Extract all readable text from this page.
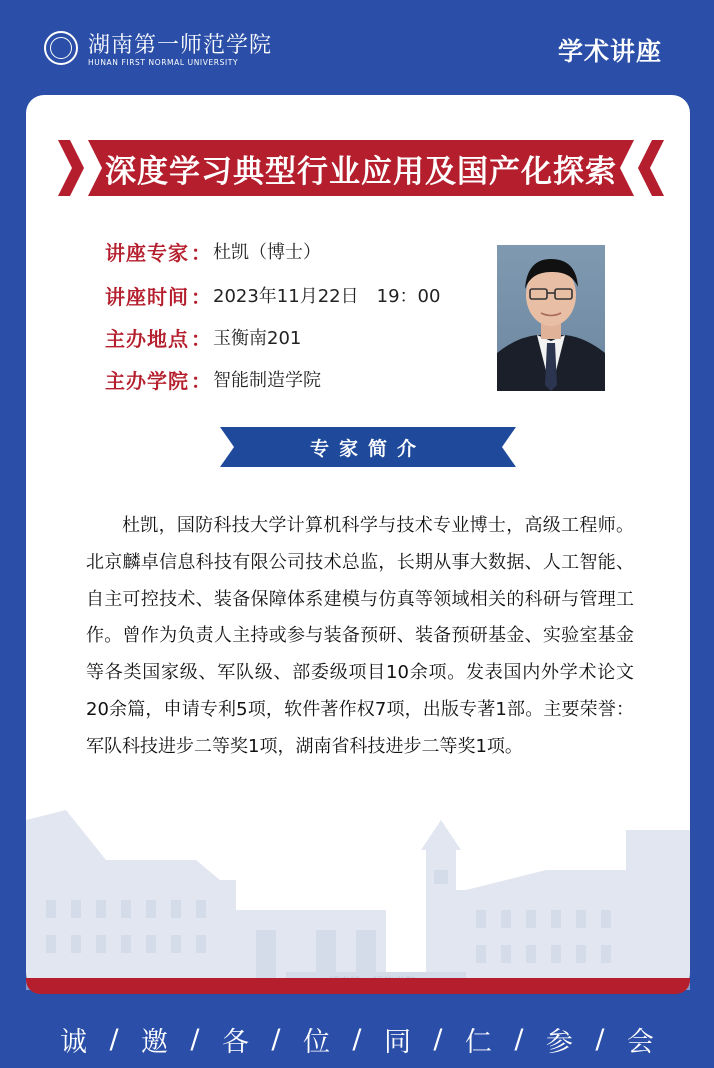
湖南第一师范学院
HUNAN FIRST NORMAL UNIVERSITY	学术讲座
深度学习典型行业应用及国产化探索
讲座专家 ： 杜凯（博士）
讲座时间 ： 2023年11月22日　19：00
主办地点 ： 玉衡南201
主办学院 ： 智能制造学院
专家简介
杜凯，国防科技大学计算机科学与技术专业博士，高级工程师。北京麟卓信息科技有限公司技术总监，长期从事大数据、人工智能、自主可控技术、装备保障体系建模与仿真等领域相关的科研与管理工作。曾作为负责人主持或参与装备预研、装备预研基金、实验室基金等各类国家级、军队级、部委级项目10余项。发表国内外学术论文20余篇，申请专利5项，软件著作权7项，出版专著1部。主要荣誉：军队科技进步二等奖1项，湖南省科技进步二等奖1项。
诚 / 邀 / 各 / 位 / 同 / 仁 / 参 / 会
